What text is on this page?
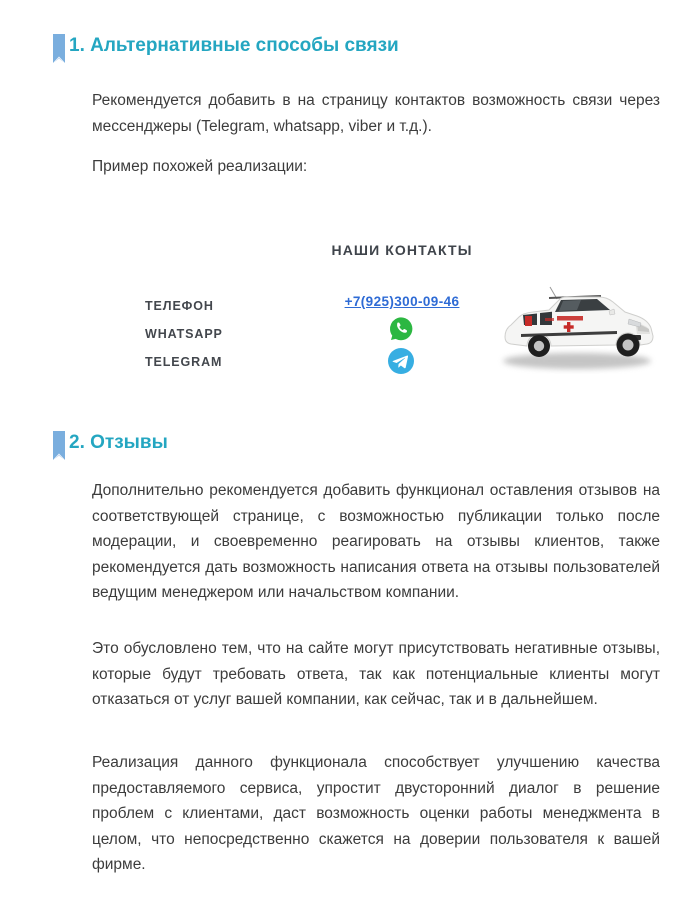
1. Альтернативные способы связи
Рекомендуется добавить в на страницу контактов возможность связи через мессенджеры (Telegram, whatsapp, viber и т.д.).
Пример похожей реализации:
НАШИ КОНТАКТЫ
ТЕЛЕФОН
WHATSAPP
TELEGRAM
+7(925)300-09-46
2. Отзывы
Дополнительно рекомендуется добавить функционал оставления отзывов на соответствующей странице, с возможностью публикации только после модерации, и своевременно реагировать на отзывы клиентов, также рекомендуется дать возможность написания ответа на отзывы пользователей ведущим менеджером или начальством компании.
Это обусловлено тем, что на сайте могут присутствовать негативные отзывы, которые будут требовать ответа, так как потенциальные клиенты могут отказаться от услуг вашей компании, как сейчас, так и в дальнейшем.
Реализация данного функционала способствует улучшению качества предоставляемого сервиса, упростит двусторонний диалог в решение проблем с клиентами, даст возможность оценки работы менеджмента в целом, что непосредственно скажется на доверии пользователя к вашей фирме.
